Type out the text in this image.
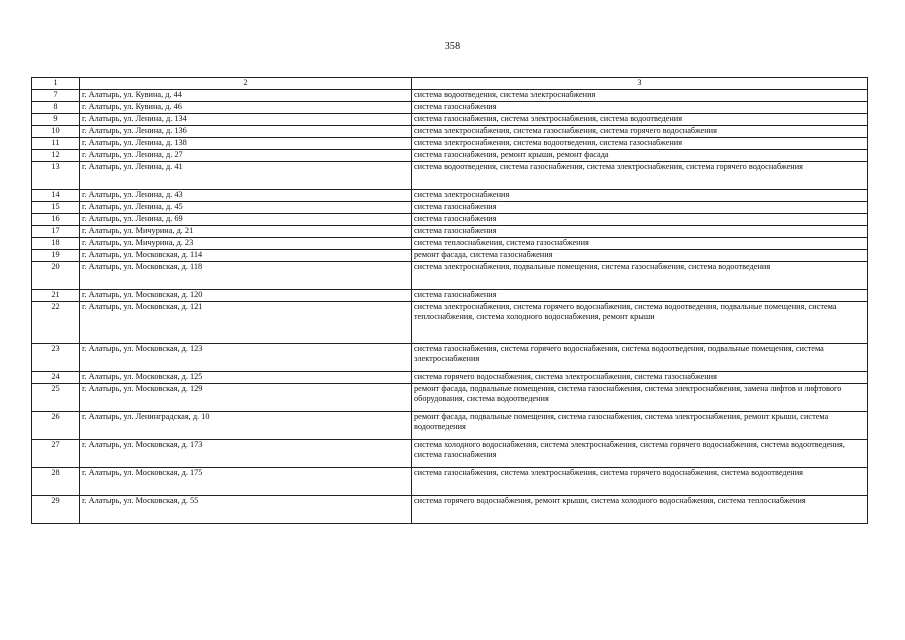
358
1	2	3
7	г. Алатырь, ул. Кувина, д. 44	система водоотведения, система электроснабжения
8	г. Алатырь, ул. Кувина, д. 46	система газоснабжения
9	г. Алатырь, ул. Ленина, д. 134	система газоснабжения, система электроснабжения, система водоотведения
10	г. Алатырь, ул. Ленина, д. 136	система электроснабжения, система газоснабжения, система горячего водоснабжения
11	г. Алатырь, ул. Ленина, д. 138	система электроснабжения, система водоотведения, система газоснабжения
12	г. Алатырь, ул. Ленина, д. 27	система газоснабжения, ремонт крыши, ремонт фасада
13	г. Алатырь, ул. Ленина, д. 41	система водоотведения, система газоснабжения, система электроснабжения, система горячего водоснабжения
14	г. Алатырь, ул. Ленина, д. 43	система электроснабжения
15	г. Алатырь, ул. Ленина, д. 45	система газоснабжения
16	г. Алатырь, ул. Ленина, д. 69	система газоснабжения
17	г. Алатырь, ул. Мичурина, д. 21	система газоснабжения
18	г. Алатырь, ул. Мичурина, д. 23	система теплоснабжения, система газоснабжения
19	г. Алатырь, ул. Московская, д. 114	ремонт фасада, система газоснабжения
20	г. Алатырь, ул. Московская, д. 118	система электроснабжения, подвальные помещения, система газоснабжения, система водоотведения
21	г. Алатырь, ул. Московская, д. 120	система газоснабжения
22	г. Алатырь, ул. Московская, д. 121	система электроснабжения, система горячего водоснабжения, система водоотведения, подвальные помещения, система теплоснабжения, система холодного водоснабжения, ремонт крыши
23	г. Алатырь, ул. Московская, д. 123	система газоснабжения, система горячего водоснабжения, система водоотведения, подвальные помещения, система электроснабжения
24	г. Алатырь, ул. Московская, д. 125	система горячего водоснабжения, система электроснабжения, система газоснабжения
25	г. Алатырь, ул. Московская, д. 129	ремонт фасада, подвальные помещения, система газоснабжения, система электроснабжения, замена лифтов и лифтового оборудования, система водоотведения
26	г. Алатырь, ул. Ленинградская, д. 10	ремонт фасада, подвальные помещения, система газоснабжения, система электроснабжения, ремонт крыши, система водоотведения
27	г. Алатырь, ул. Московская, д. 173	система холодного водоснабжения, система электроснабжения, система горячего водоснабжения, система водоотведения, система газоснабжения
28	г. Алатырь, ул. Московская, д. 175	система газоснабжения, система электроснабжения, система горячего водоснабжения, система водоотведения
29	г. Алатырь, ул. Московская, д. 55	система горячего водоснабжения, ремонт крыши, система холодного водоснабжения, система теплоснабжения
